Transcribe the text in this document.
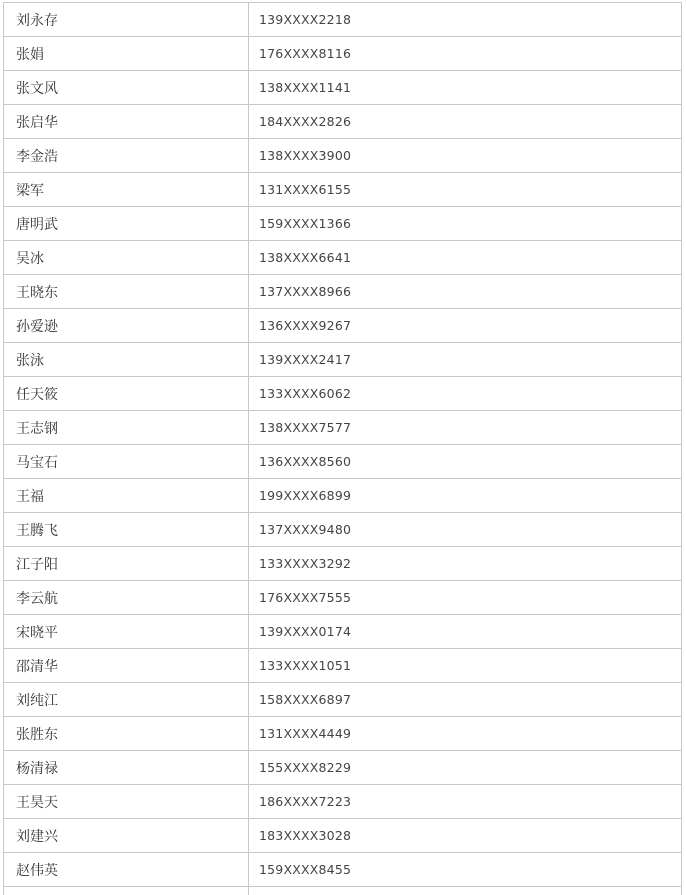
刘永存	139XXXX2218
张娟	176XXXX8116
张文风	138XXXX1141
张启华	184XXXX2826
李金浩	138XXXX3900
梁军	131XXXX6155
唐明武	159XXXX1366
吴冰	138XXXX6641
王晓东	137XXXX8966
孙爱逊	136XXXX9267
张泳	139XXXX2417
任天筱	133XXXX6062
王志钢	138XXXX7577
马宝石	136XXXX8560
王福	199XXXX6899
王腾飞	137XXXX9480
江子阳	133XXXX3292
李云航	176XXXX7555
宋晓平	139XXXX0174
邵清华	133XXXX1051
刘纯江	158XXXX6897
张胜东	131XXXX4449
杨清禄	155XXXX8229
王昊天	186XXXX7223
刘建兴	183XXXX3028
赵伟英	159XXXX8455
